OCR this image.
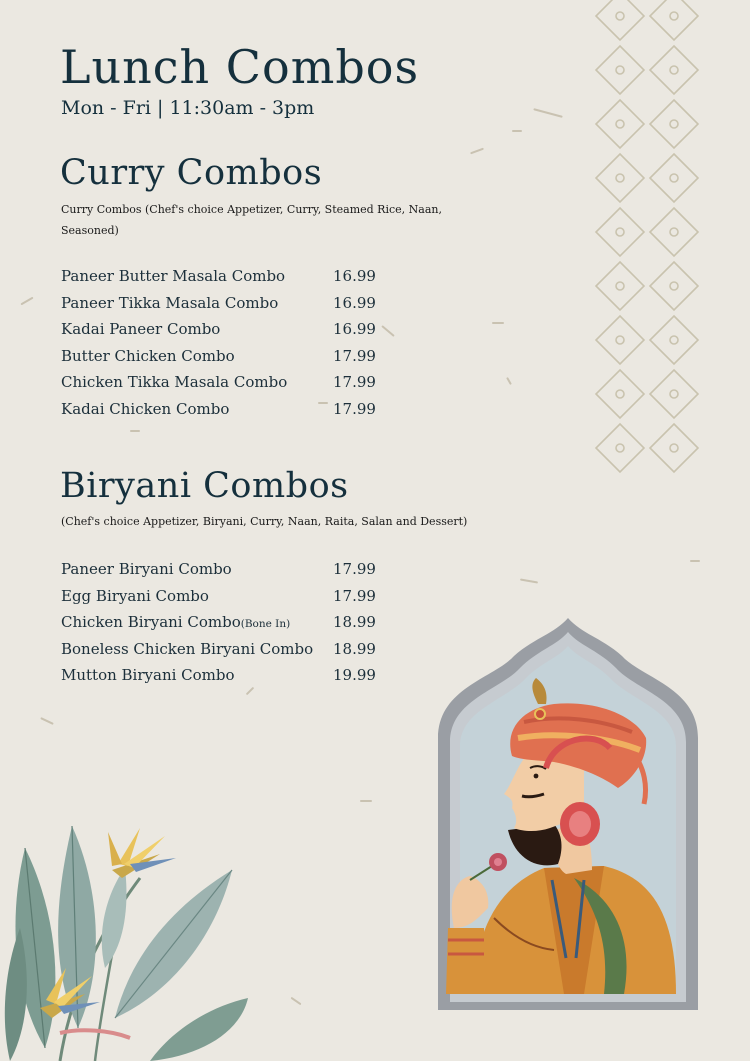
Lunch Combos
Mon - Fri | 11:30am - 3pm
Curry Combos
Curry Combos (Chef's choice Appetizer, Curry, Steamed Rice, Naan, Seasoned)
Paneer Butter Masala Combo	16.99
Paneer Tikka Masala Combo	16.99
Kadai Paneer Combo	16.99
Butter Chicken Combo	17.99
Chicken Tikka Masala Combo	17.99
Kadai Chicken Combo	17.99
Biryani Combos
(Chef's choice Appetizer, Biryani, Curry, Naan, Raita, Salan and Dessert)
Paneer Biryani Combo	17.99
Egg Biryani Combo	17.99
Chicken Biryani Combo(Bone In)	18.99
Boneless Chicken Biryani Combo	18.99
Mutton Biryani Combo	19.99
